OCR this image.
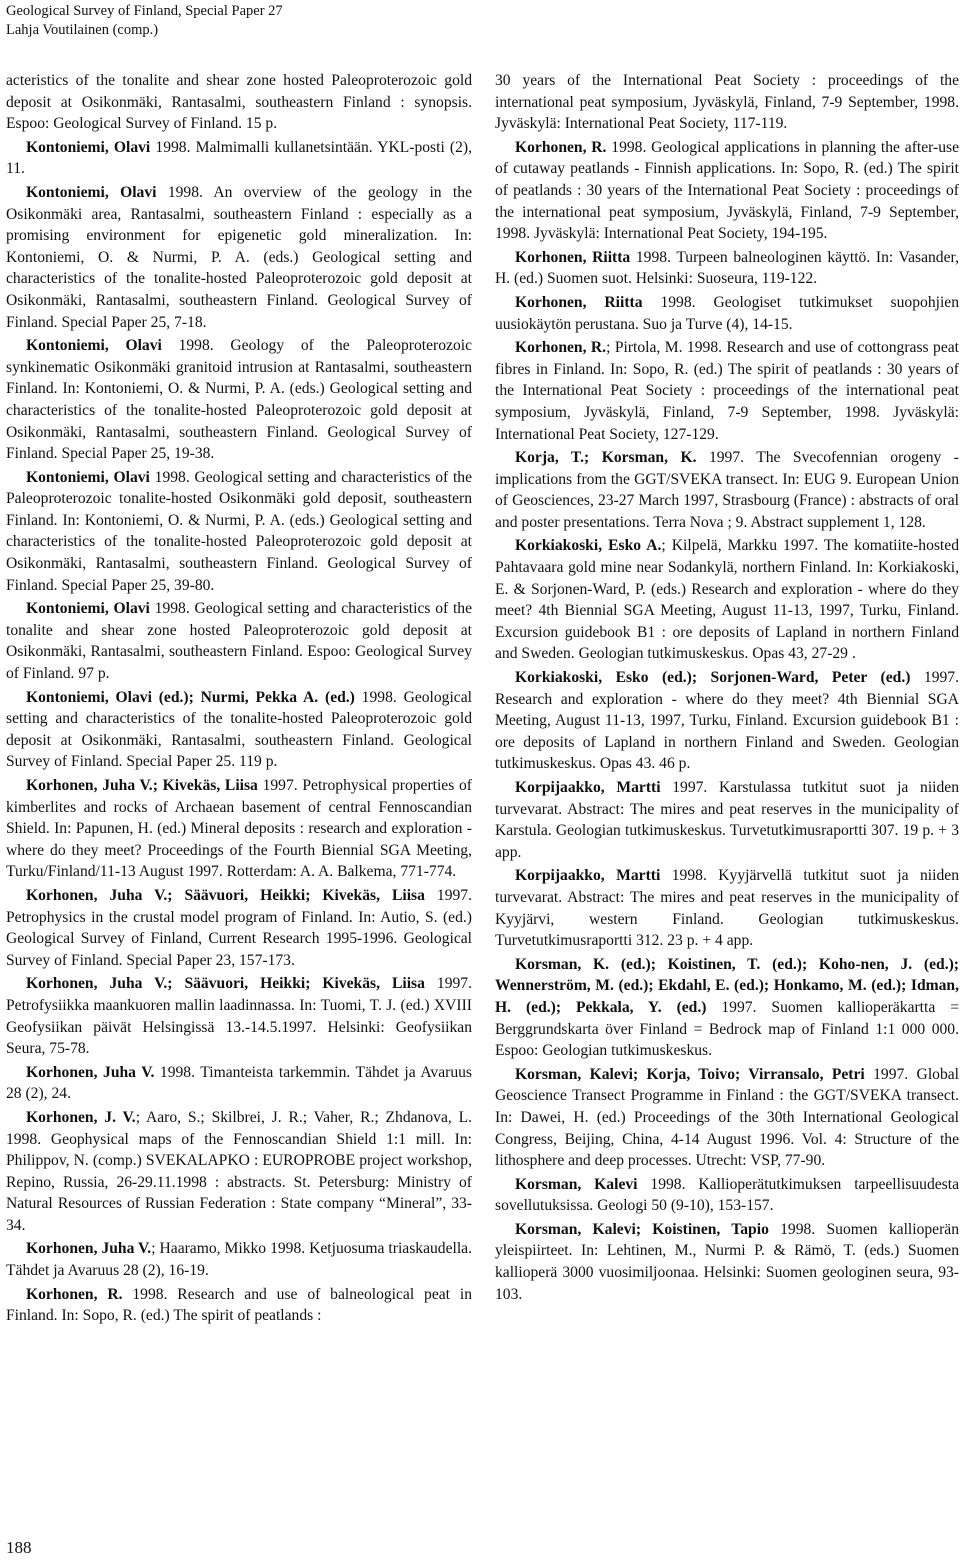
Geological Survey of Finland, Special Paper 27
Lahja Voutilainen (comp.)

acteristics of the tonalite and shear zone hosted Paleoproterozoic gold deposit at Osikonmäki, Rantasalmi, southeastern Finland : synopsis. Espoo: Geological Survey of Finland. 15 p.

Kontoniemi, Olavi 1998. Malmimalli kullanetsintään. YKL-posti (2), 11.

Kontoniemi, Olavi 1998. An overview of the geology in the Osikonmäki area, Rantasalmi, southeastern Finland : especially as a promising environment for epigenetic gold mineralization. In: Kontoniemi, O. & Nurmi, P. A. (eds.) Geological setting and characteristics of the tonalite-hosted Paleoproterozoic gold deposit at Osikonmäki, Rantasalmi, southeastern Finland. Geological Survey of Finland. Special Paper 25, 7-18.

Kontoniemi, Olavi 1998. Geology of the Paleoproterozoic synkinematic Osikonmäki granitoid intrusion at Rantasalmi, southeastern Finland. In: Kontoniemi, O. & Nurmi, P. A. (eds.) Geological setting and characteristics of the tonalite-hosted Paleoproterozoic gold deposit at Osikonmäki, Rantasalmi, southeastern Finland. Geological Survey of Finland. Special Paper 25, 19-38.

Kontoniemi, Olavi 1998. Geological setting and characteristics of the Paleoproterozoic tonalite-hosted Osikonmäki gold deposit, southeastern Finland. In: Kontoniemi, O. & Nurmi, P. A. (eds.) Geological setting and characteristics of the tonalite-hosted Paleoproterozoic gold deposit at Osikonmäki, Rantasalmi, southeastern Finland. Geological Survey of Finland. Special Paper 25, 39-80.

Kontoniemi, Olavi 1998. Geological setting and characteristics of the tonalite and shear zone hosted Paleoproterozoic gold deposit at Osikonmäki, Rantasalmi, southeastern Finland. Espoo: Geological Survey of Finland. 97 p.

Kontoniemi, Olavi (ed.); Nurmi, Pekka A. (ed.) 1998. Geological setting and characteristics of the tonalite-hosted Paleoproterozoic gold deposit at Osikonmäki, Rantasalmi, southeastern Finland. Geological Survey of Finland. Special Paper 25. 119 p.

Korhonen, Juha V.; Kivekäs, Liisa 1997. Petrophysical properties of kimberlites and rocks of Archaean basement of central Fennoscandian Shield. In: Papunen, H. (ed.) Mineral deposits : research and exploration - where do they meet? Proceedings of the Fourth Biennial SGA Meeting, Turku/Finland/11-13 August 1997. Rotterdam: A. A. Balkema, 771-774.

Korhonen, Juha V.; Säävuori, Heikki; Kivekäs, Liisa 1997. Petrophysics in the crustal model program of Finland. In: Autio, S. (ed.) Geological Survey of Finland, Current Research 1995-1996. Geological Survey of Finland. Special Paper 23, 157-173.

Korhonen, Juha V.; Säävuori, Heikki; Kivekäs, Liisa 1997. Petrofysiikka maankuoren mallin laadinnassa. In: Tuomi, T. J. (ed.) XVIII Geofysiikan päivät Helsingissä 13.-14.5.1997. Helsinki: Geofysiikan Seura, 75-78.

Korhonen, Juha V. 1998. Timanteista tarkemmin. Tähdet ja Avaruus 28 (2), 24.

Korhonen, J. V.; Aaro, S.; Skilbrei, J. R.; Vaher, R.; Zhdanova, L. 1998. Geophysical maps of the Fennoscandian Shield 1:1 mill. In: Philippov, N. (comp.) SVEKALAPKO : EUROPROBE project workshop, Repino, Russia, 26-29.11.1998 : abstracts. St. Petersburg: Ministry of Natural Resources of Russian Federation : State company “Mineral”, 33-34.

Korhonen, Juha V.; Haaramo, Mikko 1998. Ketjuosuma triaskaudella. Tähdet ja Avaruus 28 (2), 16-19.

Korhonen, R. 1998. Research and use of balneological peat in Finland. In: Sopo, R. (ed.) The spirit of peatlands :

30 years of the International Peat Society : proceedings of the international peat symposium, Jyväskylä, Finland, 7-9 September, 1998. Jyväskylä: International Peat Society, 117-119.

Korhonen, R. 1998. Geological applications in planning the after-use of cutaway peatlands - Finnish applications. In: Sopo, R. (ed.) The spirit of peatlands : 30 years of the International Peat Society : proceedings of the international peat symposium, Jyväskylä, Finland, 7-9 September, 1998. Jyväskylä: International Peat Society, 194-195.

Korhonen, Riitta 1998. Turpeen balneologinen käyttö. In: Vasander, H. (ed.) Suomen suot. Helsinki: Suoseura, 119-122.

Korhonen, Riitta 1998. Geologiset tutkimukset suopohjien uusiokäytön perustana. Suo ja Turve (4), 14-15.

Korhonen, R.; Pirtola, M. 1998. Research and use of cottongrass peat fibres in Finland. In: Sopo, R. (ed.) The spirit of peatlands : 30 years of the International Peat Society : proceedings of the international peat symposium, Jyväskylä, Finland, 7-9 September, 1998. Jyväskylä: International Peat Society, 127-129.

Korja, T.; Korsman, K. 1997. The Svecofennian orogeny - implications from the GGT/SVEKA transect. In: EUG 9. European Union of Geosciences, 23-27 March 1997, Strasbourg (France) : abstracts of oral and poster presentations. Terra Nova ; 9. Abstract supplement 1, 128.

Korkiakoski, Esko A.; Kilpelä, Markku 1997. The komatiite-hosted Pahtavaara gold mine near Sodankylä, northern Finland. In: Korkiakoski, E. & Sorjonen-Ward, P. (eds.) Research and exploration - where do they meet? 4th Biennial SGA Meeting, August 11-13, 1997, Turku, Finland. Excursion guidebook B1 : ore deposits of Lapland in northern Finland and Sweden. Geologian tutkimuskeskus. Opas 43, 27-29 .

Korkiakoski, Esko (ed.); Sorjonen-Ward, Peter (ed.) 1997. Research and exploration - where do they meet? 4th Biennial SGA Meeting, August 11-13, 1997, Turku, Finland. Excursion guidebook B1 : ore deposits of Lapland in northern Finland and Sweden. Geologian tutkimuskeskus. Opas 43. 46 p.

Korpijaakko, Martti 1997. Karstulassa tutkitut suot ja niiden turvevarat. Abstract: The mires and peat reserves in the municipality of Karstula. Geologian tutkimuskeskus. Turvetutkimusraportti 307. 19 p. + 3 app.

Korpijaakko, Martti 1998. Kyyjärvellä tutkitut suot ja niiden turvevarat. Abstract: The mires and peat reserves in the municipality of Kyyjärvi, western Finland. Geologian tutkimuskeskus. Turvetutkimusraportti 312. 23 p. + 4 app.

Korsman, K. (ed.); Koistinen, T. (ed.); Koho-nen, J. (ed.); Wennerström, M. (ed.); Ekdahl, E. (ed.); Honkamo, M. (ed.); Idman, H. (ed.); Pekkala, Y. (ed.) 1997. Suomen kallioperäkartta = Berggrundskarta över Finland = Bedrock map of Finland 1:1 000 000. Espoo: Geologian tutkimuskeskus.

Korsman, Kalevi; Korja, Toivo; Virransalo, Petri 1997. Global Geoscience Transect Programme in Finland : the GGT/SVEKA transect. In: Dawei, H. (ed.) Proceedings of the 30th International Geological Congress, Beijing, China, 4-14 August 1996. Vol. 4: Structure of the lithosphere and deep processes. Utrecht: VSP, 77-90.

Korsman, Kalevi 1998. Kallioperätutkimuksen tarpeellisuudesta sovellutuksissa. Geologi 50 (9-10), 153-157.

Korsman, Kalevi; Koistinen, Tapio 1998. Suomen kallioperän yleispiirteet. In: Lehtinen, M., Nurmi P. & Rämö, T. (eds.) Suomen kallioperä 3000 vuosimiljoonaa. Helsinki: Suomen geologinen seura, 93-103.

188
